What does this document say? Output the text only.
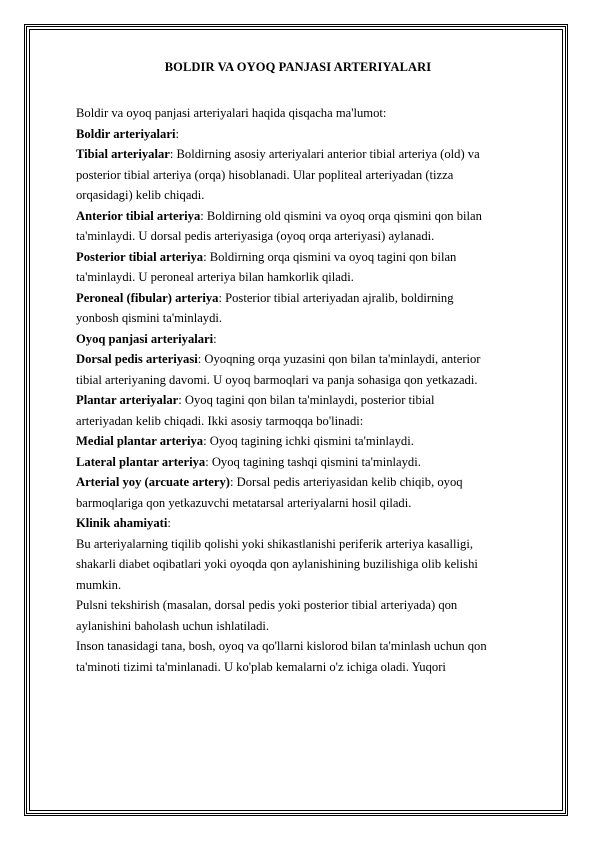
BOLDIR VA OYOQ PANJASI ARTERIYALARI
Boldir va oyoq panjasi arteriyalari haqida qisqacha ma'lumot:
Boldir arteriyalari:
Tibial arteriyalar: Boldirning asosiy arteriyalari anterior tibial arteriya (old) va
posterior tibial arteriya (orqa) hisoblanadi. Ular popliteal arteriyadan (tizza
orqasidagi) kelib chiqadi.
Anterior tibial arteriya: Boldirning old qismini va oyoq orqa qismini qon bilan
ta'minlaydi. U dorsal pedis arteriyasiga (oyoq orqa arteriyasi) aylanadi.
Posterior tibial arteriya: Boldirning orqa qismini va oyoq tagini qon bilan
ta'minlaydi. U peroneal arteriya bilan hamkorlik qiladi.
Peroneal (fibular) arteriya: Posterior tibial arteriyadan ajralib, boldirning
yonbosh qismini ta'minlaydi.
Oyoq panjasi arteriyalari:
Dorsal pedis arteriyasi: Oyoqning orqa yuzasini qon bilan ta'minlaydi, anterior
tibial arteriyaning davomi. U oyoq barmoqlari va panja sohasiga qon yetkazadi.
Plantar arteriyalar: Oyoq tagini qon bilan ta'minlaydi, posterior tibial
arteriyadan kelib chiqadi. Ikki asosiy tarmoqqa bo'linadi:
Medial plantar arteriya: Oyoq tagining ichki qismini ta'minlaydi.
Lateral plantar arteriya: Oyoq tagining tashqi qismini ta'minlaydi.
Arterial yoy (arcuate artery): Dorsal pedis arteriyasidan kelib chiqib, oyoq
barmoqlariga qon yetkazuvchi metatarsal arteriyalarni hosil qiladi.
Klinik ahamiyati:
Bu arteriyalarning tiqilib qolishi yoki shikastlanishi periferik arteriya kasalligi,
shakarli diabet oqibatlari yoki oyoqda qon aylanishining buzilishiga olib kelishi
mumkin.
Pulsni tekshirish (masalan, dorsal pedis yoki posterior tibial arteriyada) qon
aylanishini baholash uchun ishlatiladi.
Inson tanasidagi tana, bosh, oyoq va qo'llarni kislorod bilan ta'minlash uchun qon
ta'minoti tizimi ta'minlanadi. U ko'plab kemalarni o'z ichiga oladi. Yuqori
